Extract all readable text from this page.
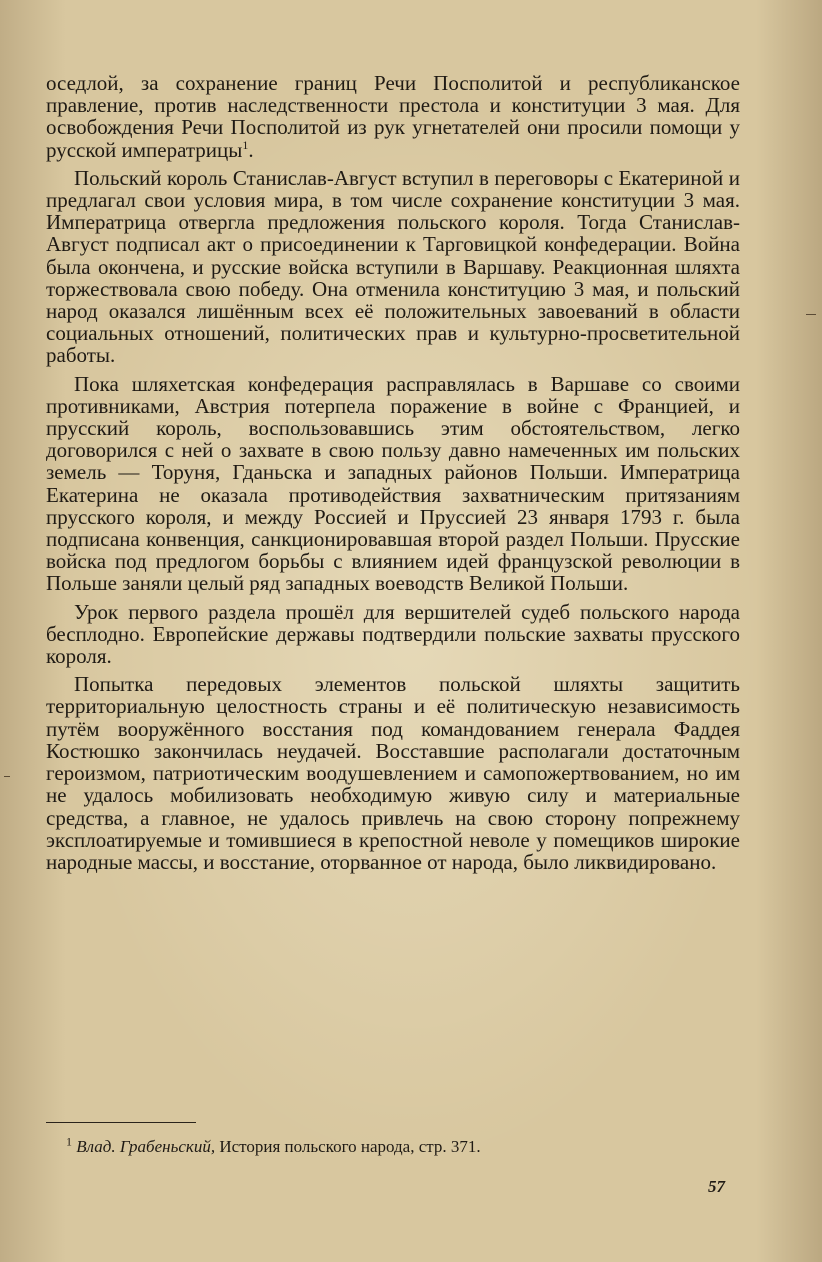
оседлой, за сохранение границ Речи Посполитой и республиканское правление, против наследственности престола и конституции 3 мая. Для освобождения Речи Посполитой из рук угнетателей они просили помощи у русской императрицы$^1$.

Польский король Станислав-Август вступил в переговоры с Екатериной и предлагал свои условия мира, в том числе сохранение конституции 3 мая. Императрица отвергла предложения польского короля. Тогда Станислав-Август подписал акт о присоединении к Тарговицкой конфедерации. Война была окончена, и русские войска вступили в Варшаву. Реакционная шляхта торжествовала свою победу. Она отменила конституцию 3 мая, и польский народ оказался лишённым всех её положительных завоеваний в области социальных отношений, политических прав и культурно-просветительной работы.

Пока шляхетская конфедерация расправлялась в Варшаве со своими противниками, Австрия потерпела поражение в войне с Францией, и прусский король, воспользовавшись этим обстоятельством, легко договорился с ней о захвате в свою пользу давно намеченных им польских земель — Торуня, Гданьска и западных районов Польши. Императрица Екатерина не оказала противодействия захватническим притязаниям прусского короля, и между Россией и Пруссией 23 января 1793 г. была подписана конвенция, санкционировавшая второй раздел Польши. Прусские войска под предлогом борьбы с влиянием идей французской революции в Польше заняли целый ряд западных воеводств Великой Польши.

Урок первого раздела прошёл для вершителей судеб польского народа бесплодно. Европейские державы подтвердили польские захваты прусского короля.

Попытка передовых элементов польской шляхты защитить территориальную целостность страны и её политическую независимость путём вооружённого восстания под командованием генерала Фаддея Костюшко закончилась неудачей. Восставшие располагали достаточным героизмом, патриотическим воодушевлением и самопожертвованием, но им не удалось мобилизовать необходимую живую силу и материальные средства, а главное, не удалось привлечь на свою сторону попрежнему эксплоатируемые и томившиеся в крепостной неволе у помещиков широкие народные массы, и восстание, оторванное от народа, было ликвидировано.

$^1$ Влад. Грабеньский, История польского народа, стр. 371.
57
